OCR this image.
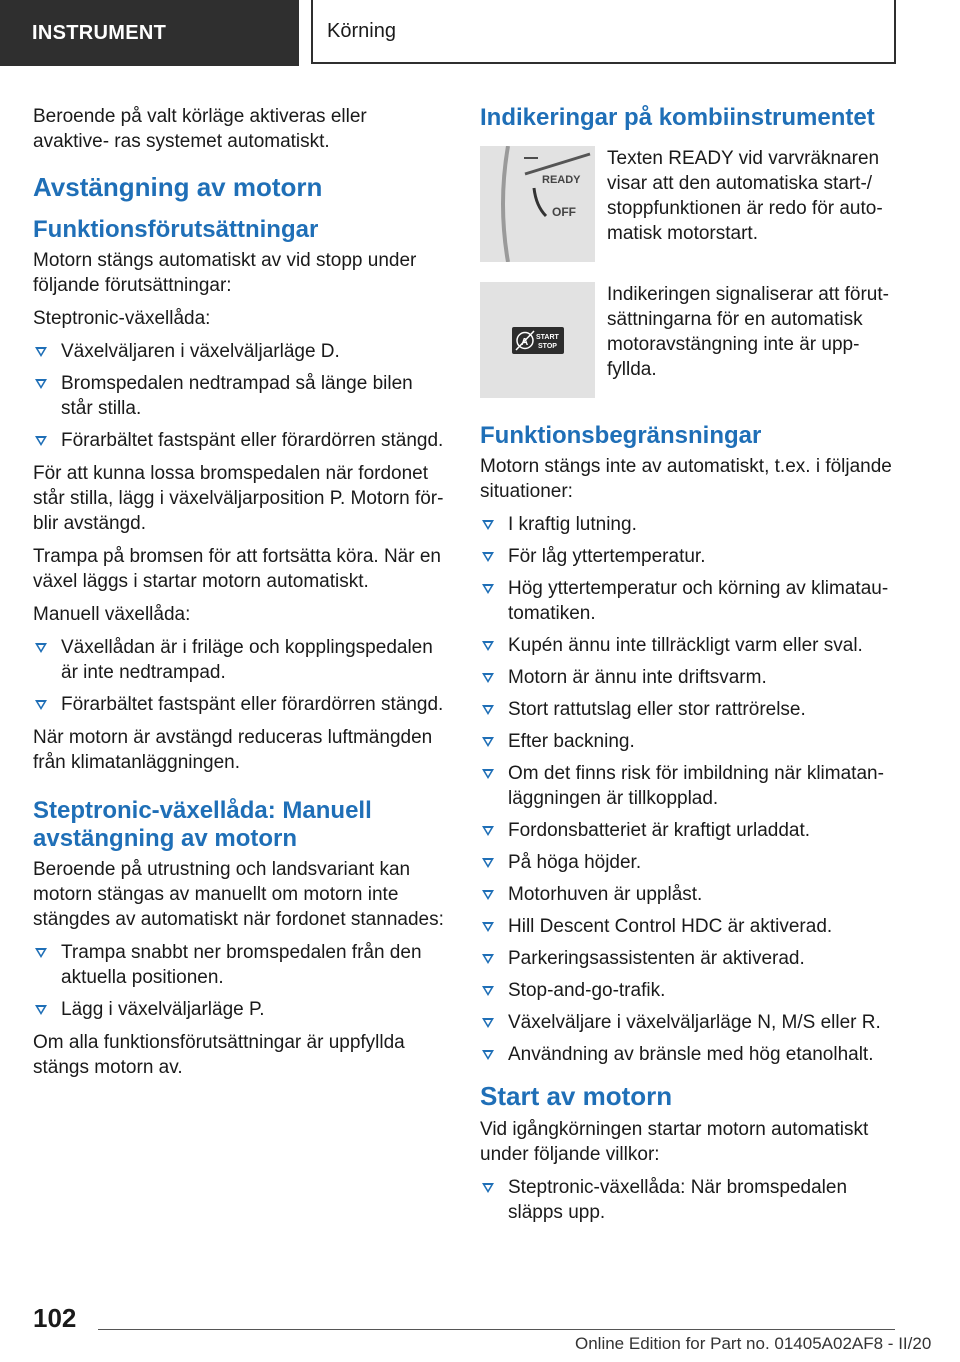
INSTRUMENT	Körning

Beroende på valt körläge aktiveras eller avaktive- ras systemet automatiskt.

Avstängning av motorn
Funktionsförutsättningar

Motorn stängs automatiskt av vid stopp under följande förutsättningar:

Steptronic-växellåda:

Växelväljaren i växelväljarläge D.
Bromspedalen nedtrampad så länge bilen står stilla.
Förarbältet fastspänt eller förardörren stängd.

För att kunna lossa bromspedalen när fordonet står stilla, lägg i växelväljarposition P. Motorn för- blir avstängd.

Trampa på bromsen för att fortsätta köra. När en växel läggs i startar motorn automatiskt.

Manuell växellåda:

Växellådan är i friläge och kopplingspedalen är inte nedtrampad.
Förarbältet fastspänt eller förardörren stängd.

När motorn är avstängd reduceras luftmängden från klimatanläggningen.

Steptronic-växellåda: Manuell avstängning av motorn

Beroende på utrustning och landsvariant kan motorn stängas av manuellt om motorn inte stängdes av automatiskt när fordonet stannades:

Trampa snabbt ner bromspedalen från den aktuella positionen.
Lägg i växelväljarläge P.

Om alla funktionsförutsättningar är uppfyllda stängs motorn av.

Indikeringar på kombiinstrumentet
READY
OFF

Texten READY vid varvräknaren visar att den automatiska start-/ stoppfunktionen är redo för auto- matisk motorstart.

A START
STOP

Indikeringen signaliserar att förut- sättningarna för en automatisk motoravstängning inte är upp- fyllda.

Funktionsbegränsningar

Motorn stängs inte av automatiskt, t.ex. i följande situationer:

I kraftig lutning.
För låg yttertemperatur.
Hög yttertemperatur och körning av klimatau- tomatiken.
Kupén ännu inte tillräckligt varm eller sval.
Motorn är ännu inte driftsvarm.
Stort rattutslag eller stor rattrörelse.
Efter backning.
Om det finns risk för imbildning när klimatan- läggningen är tillkopplad.
Fordonsbatteriet är kraftigt urladdat.
På höga höjder.
Motorhuven är upplåst.
Hill Descent Control HDC är aktiverad.
Parkeringsassistenten är aktiverad.
Stop-and-go-trafik.
Växelväljare i växelväljarläge N, M/S eller R.
Användning av bränsle med hög etanolhalt.
Start av motorn

Vid igångkörningen startar motorn automatiskt under följande villkor:

Steptronic-växellåda: När bromspedalen släpps upp.
102
Online Edition for Part no. 01405A02AF8 - II/20
